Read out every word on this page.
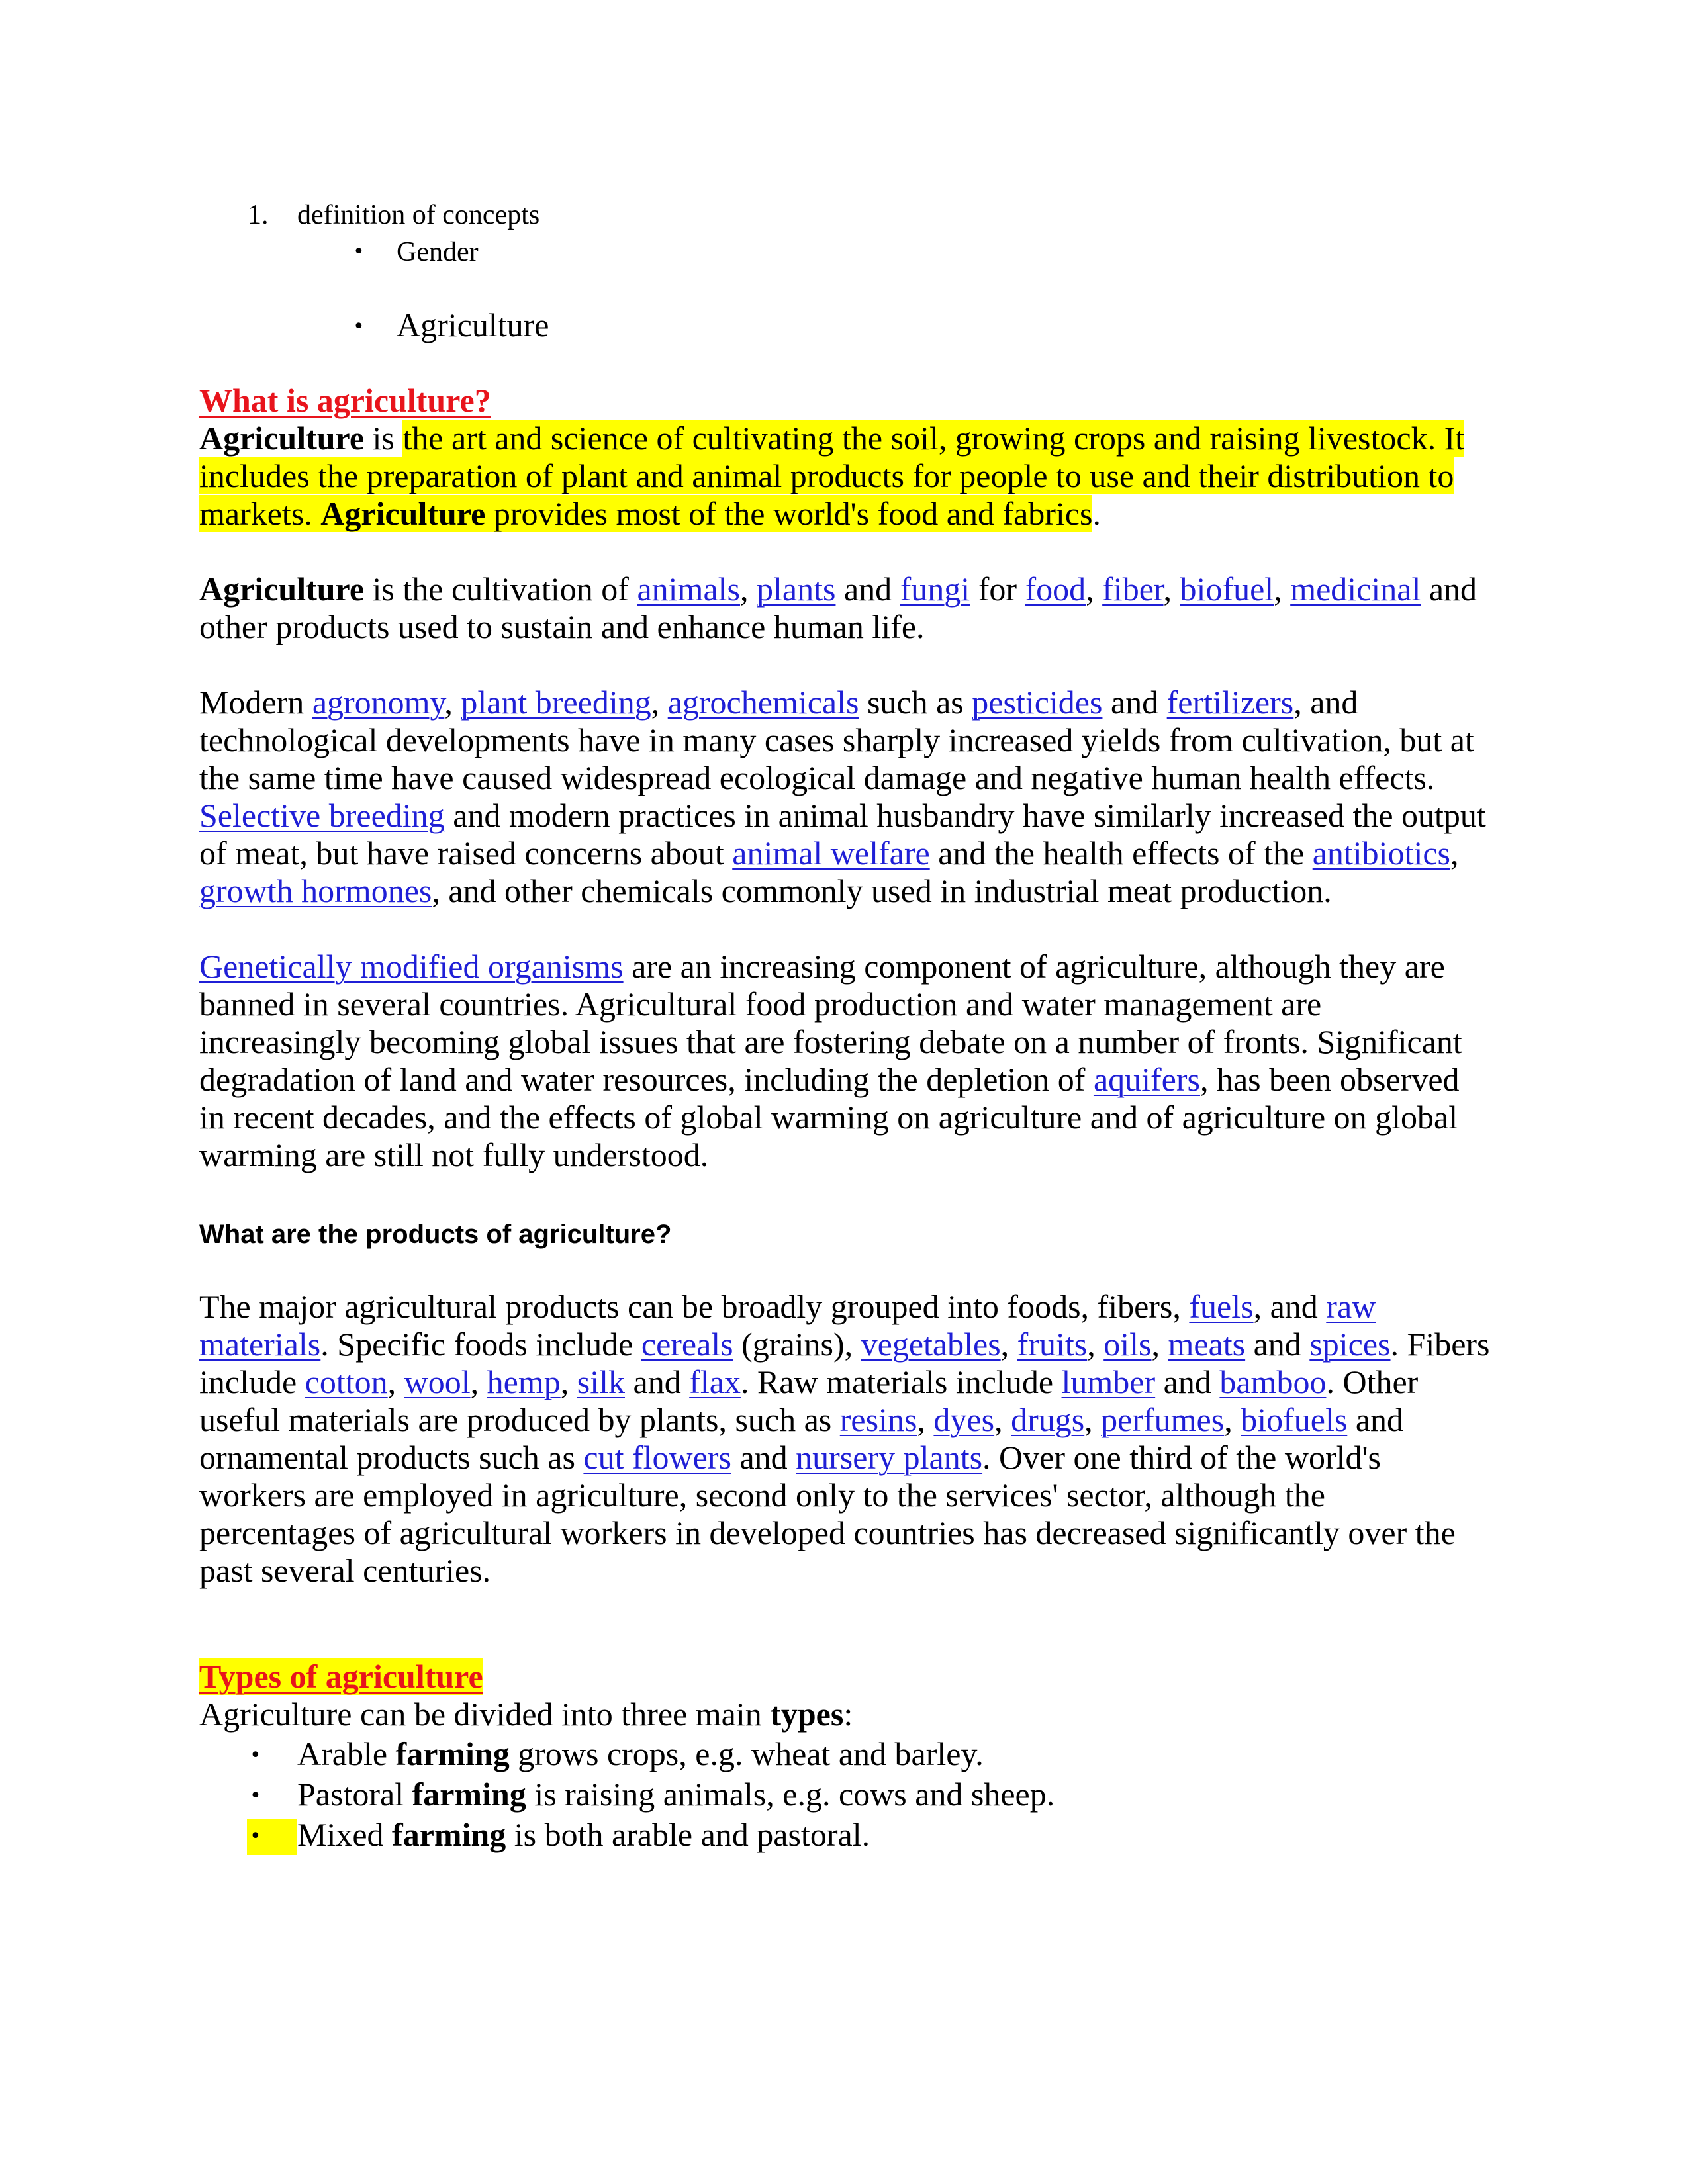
1. definition of concepts
• Gender
• Agriculture
What is agriculture?
Agriculture is the art and science of cultivating the soil, growing crops and raising livestock. It
includes the preparation of plant and animal products for people to use and their distribution to
markets. Agriculture provides most of the world's food and fabrics.
Agriculture is the cultivation of animals, plants and fungi for food, fiber, biofuel, medicinal and
other products used to sustain and enhance human life.
Modern agronomy, plant breeding, agrochemicals such as pesticides and fertilizers, and
technological developments have in many cases sharply increased yields from cultivation, but at
the same time have caused widespread ecological damage and negative human health effects.
Selective breeding and modern practices in animal husbandry have similarly increased the output
of meat, but have raised concerns about animal welfare and the health effects of the antibiotics,
growth hormones, and other chemicals commonly used in industrial meat production.
Genetically modified organisms are an increasing component of agriculture, although they are
banned in several countries. Agricultural food production and water management are
increasingly becoming global issues that are fostering debate on a number of fronts. Significant
degradation of land and water resources, including the depletion of aquifers, has been observed
in recent decades, and the effects of global warming on agriculture and of agriculture on global
warming are still not fully understood.
What are the products of agriculture?
The major agricultural products can be broadly grouped into foods, fibers, fuels, and raw
materials. Specific foods include cereals (grains), vegetables, fruits, oils, meats and spices. Fibers
include cotton, wool, hemp, silk and flax. Raw materials include lumber and bamboo. Other
useful materials are produced by plants, such as resins, dyes, drugs, perfumes, biofuels and
ornamental products such as cut flowers and nursery plants. Over one third of the world's
workers are employed in agriculture, second only to the services' sector, although the
percentages of agricultural workers in developed countries has decreased significantly over the
past several centuries.
Types of agriculture
Agriculture can be divided into three main types:
• Arable farming grows crops, e.g. wheat and barley.
• Pastoral farming is raising animals, e.g. cows and sheep.
• Mixed farming is both arable and pastoral.
